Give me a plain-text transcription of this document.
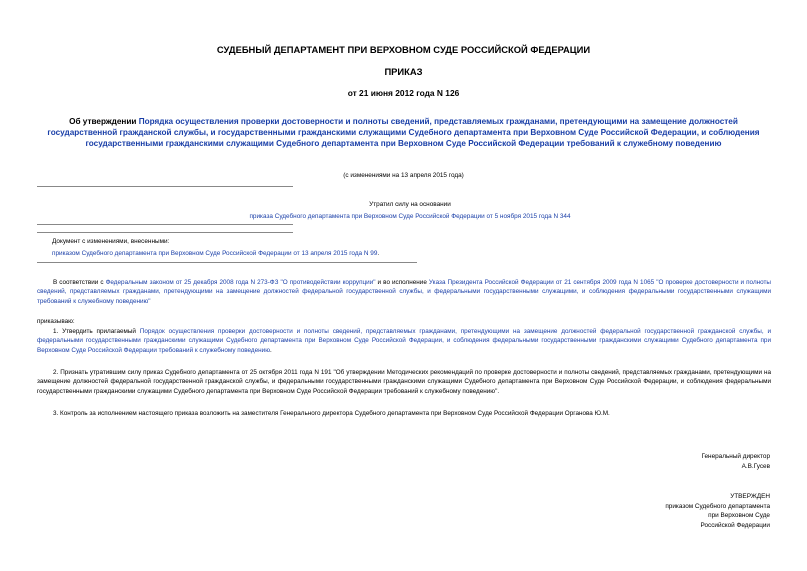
СУДЕБНЫЙ ДЕПАРТАМЕНТ ПРИ ВЕРХОВНОМ СУДЕ РОССИЙСКОЙ ФЕДЕРАЦИИ
ПРИКАЗ
от 21 июня 2012 года N 126
Об утверждении Порядка осуществления проверки достоверности и полноты сведений, представляемых гражданами, претендующими на замещение должностей государственной гражданской службы, и государственными гражданскими служащими Судебного департамента при Верховном Суде Российской Федерации, и соблюдения государственными гражданскими служащими Судебного департамента при Верховном Суде Российской Федерации требований к служебному поведению
(с изменениями на 13 апреля 2015 года)
Утратил силу на основании
приказа Судебного департамента при Верховном Суде Российской Федерации от 5 ноября 2015 года N 344
Документ с изменениями, внесенными:
приказом Судебного департамента при Верховном Суде Российской Федерации от 13 апреля 2015 года N 99.
В соответствии с Федеральным законом от 25 декабря 2008 года N 273-ФЗ "О противодействии коррупции" и во исполнение Указа Президента Российской Федерации от 21 сентября 2009 года N 1065 "О проверке достоверности и полноты сведений, представляемых гражданами, претендующими на замещение должностей федеральной государственной службы, и федеральными государственными служащими, и соблюдения федеральными государственными служащими требований к служебному поведению"
приказываю:
1. Утвердить прилагаемый Порядок осуществления проверки достоверности и полноты сведений, представляемых гражданами, претендующими на замещение должностей федеральной государственной гражданской службы, и федеральными государственными гражданскими служащими Судебного департамента при Верховном Суде Российской Федерации, и соблюдения федеральными государственными гражданскими служащими Судебного департамента при Верховном Суде Российской Федерации требований к служебному поведению.
2. Признать утратившим силу приказ Судебного департамента от 25 октября 2011 года N 191 "Об утверждении Методических рекомендаций по проверке достоверности и полноты сведений, представляемых гражданами, претендующими на замещение должностей федеральной государственной гражданской службы, и федеральными государственными гражданскими служащими Судебного департамента при Верховном Суде Российской Федерации, и соблюдения федеральными государственными гражданскими служащими Судебного департамента при Верховном Суде Российской Федерации требований к служебному поведению".
3. Контроль за исполнением настоящего приказа возложить на заместителя Генерального директора Судебного департамента при Верховном Суде Российской Федерации Органова Ю.М.
Генеральный директор
А.В.Гусев
УТВЕРЖДЕН
приказом Судебного департамента
при Верховном Суде
Российской Федерации
